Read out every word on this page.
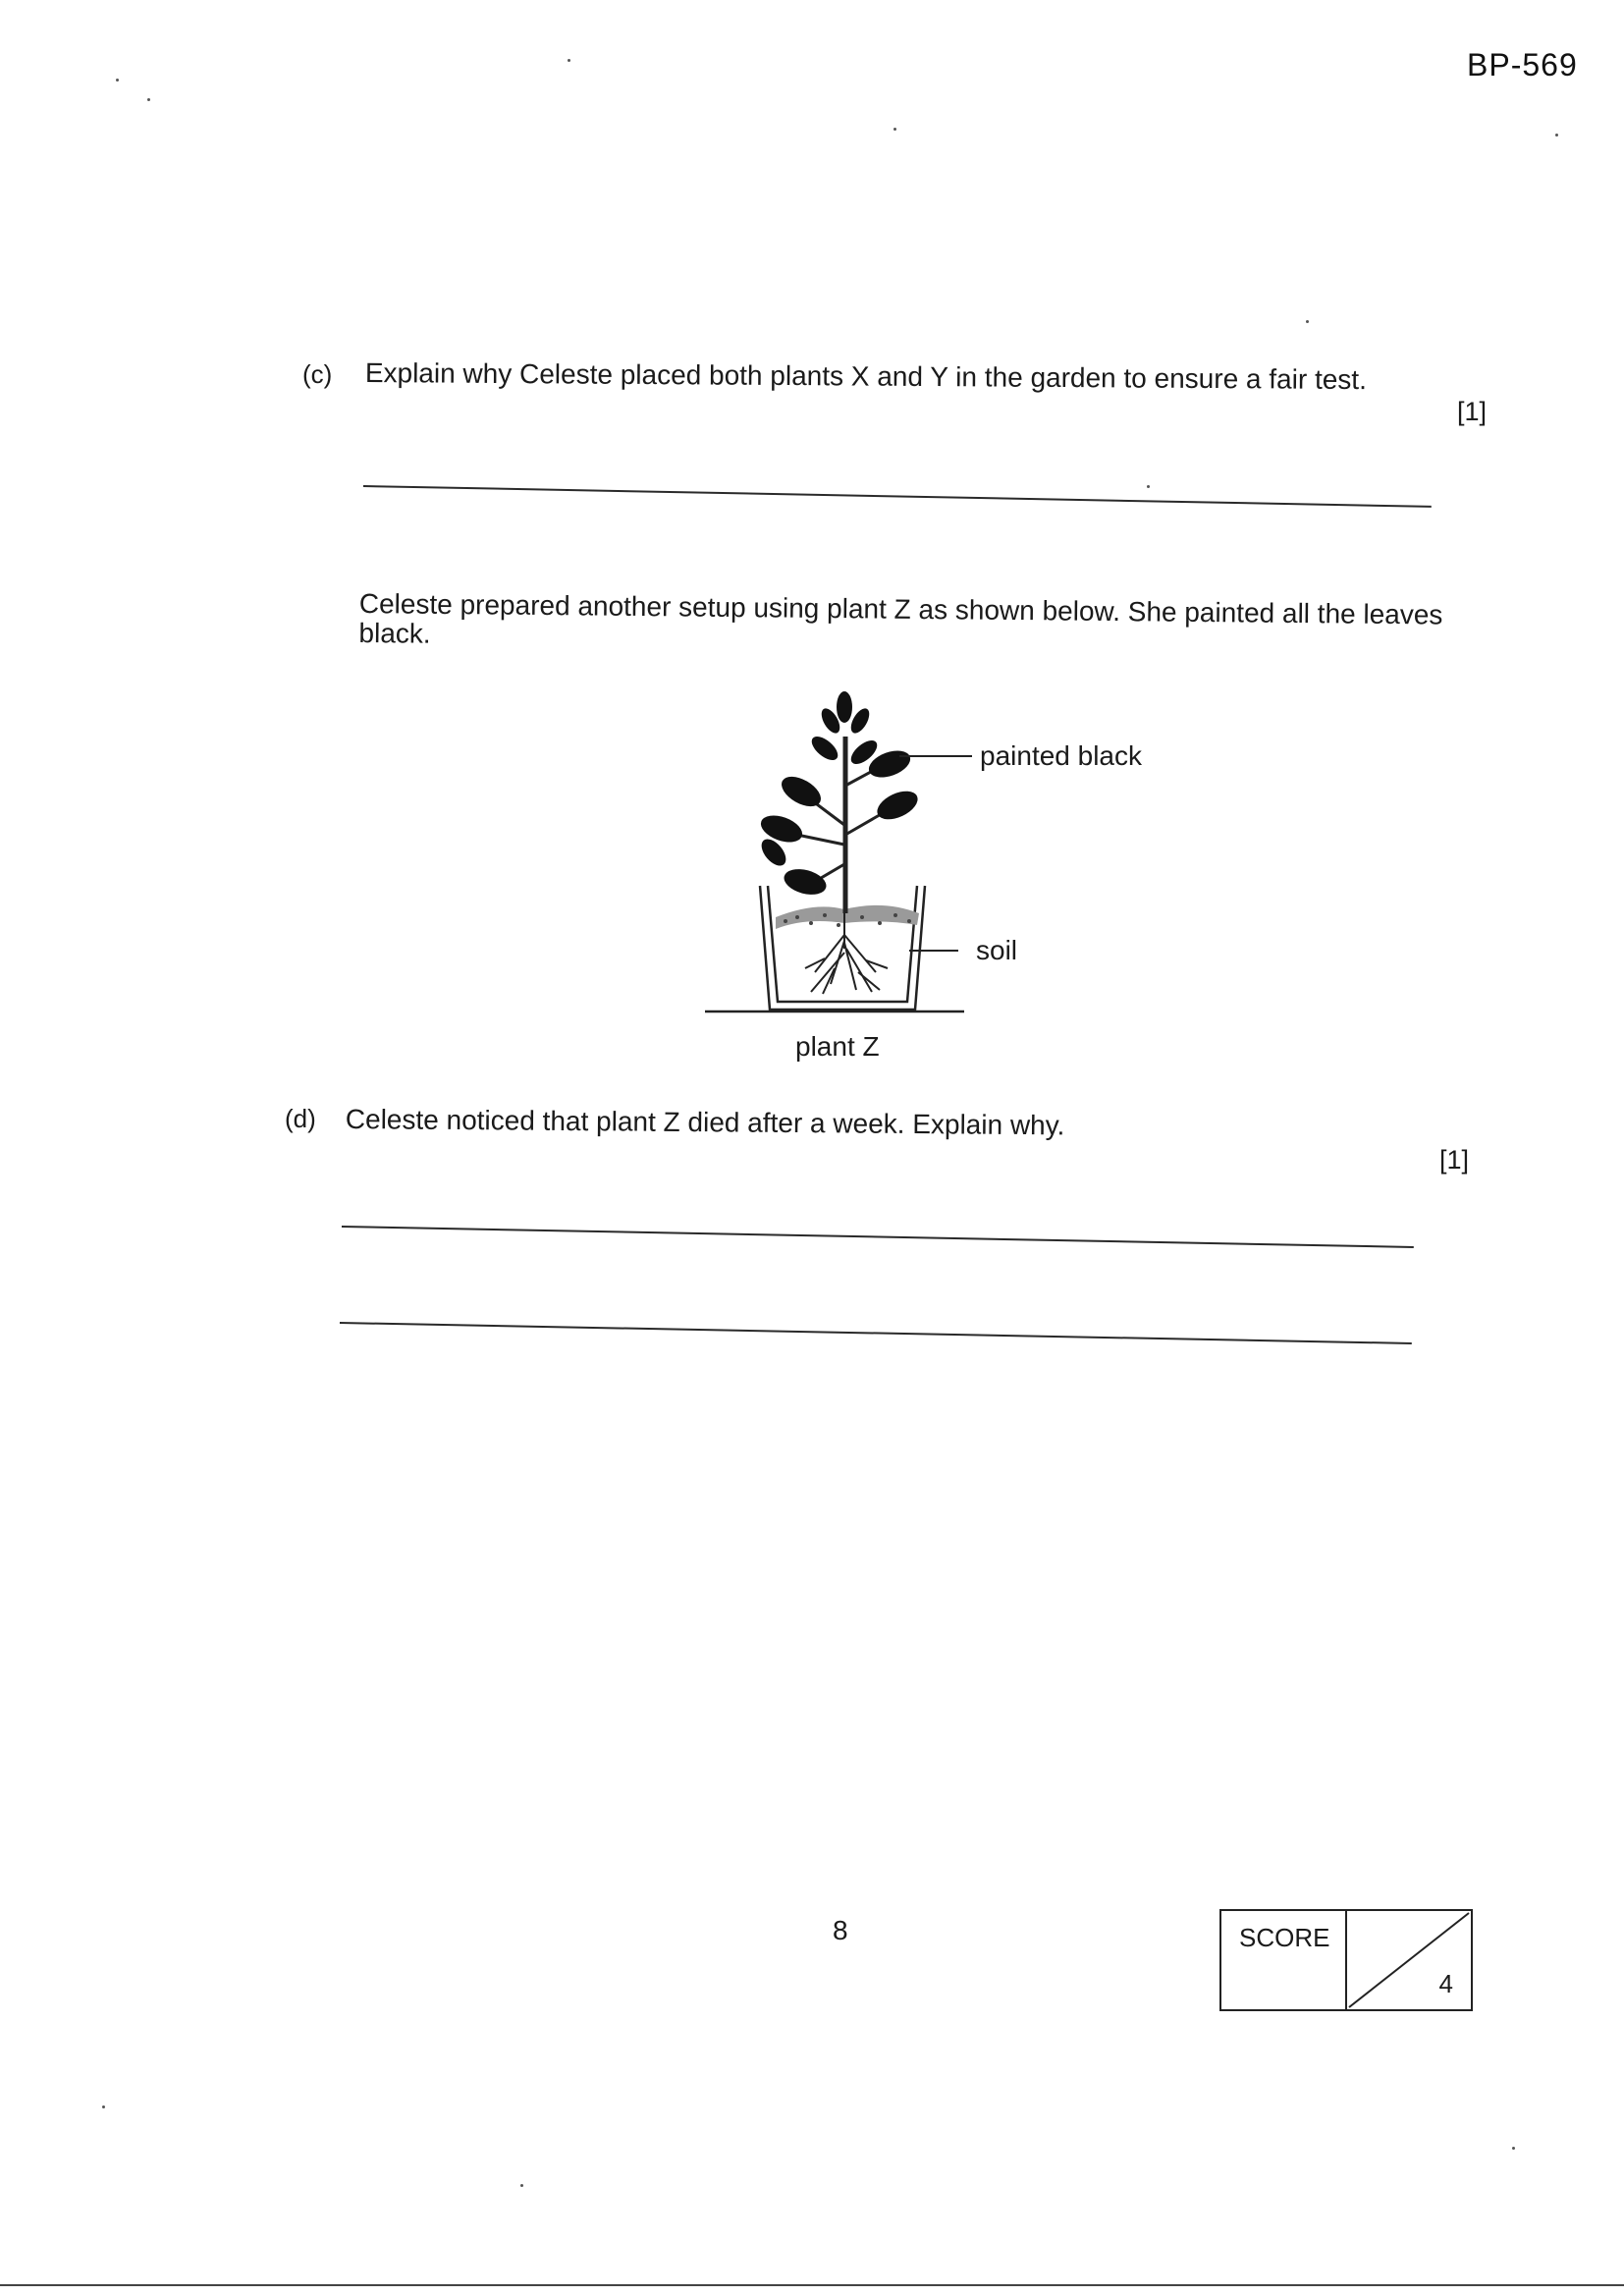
BP-569
(c) Explain why Celeste placed both plants X and Y in the garden to ensure a fair test.
[1]
Celeste prepared another setup using plant Z as shown below. She painted all the leaves black.
painted black
soil
plant Z
(d) Celeste noticed that plant Z died after a week. Explain why.
[1]
8	SCORE
4
